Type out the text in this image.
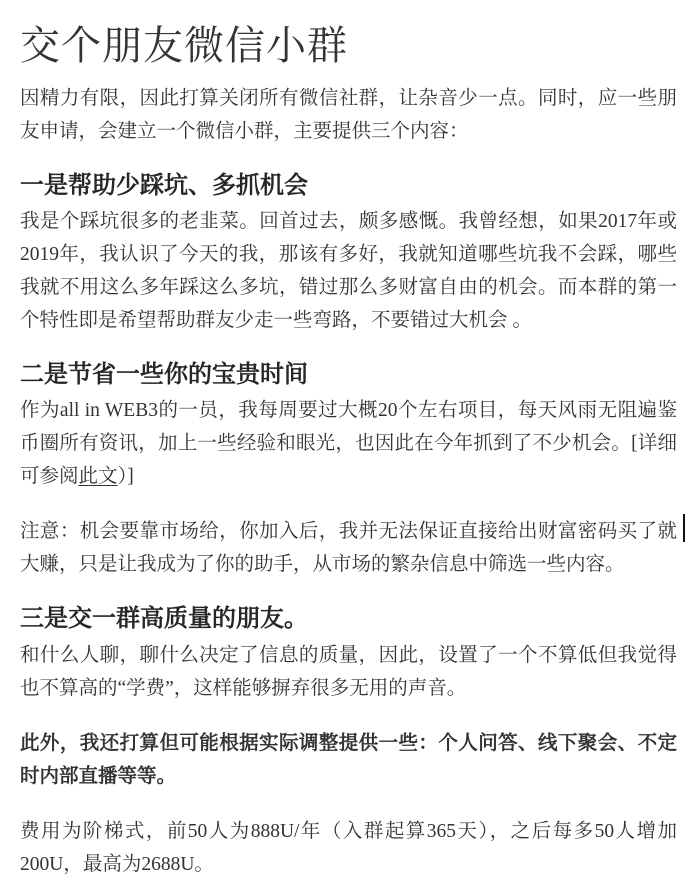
交个朋友微信小群

因精力有限，因此打算关闭所有微信社群，让杂音少一点。同时，应一些朋友申请，会建立一个微信小群，主要提供三个内容：

一是帮助少踩坑、多抓机会

我是个踩坑很多的老韭菜。回首过去，颇多感慨。我曾经想，如果2017年或2019年，我认识了今天的我，那该有多好，我就知道哪些坑我不会踩，哪些我就不用这么多年踩这么多坑，错过那么多财富自由的机会。而本群的第一个特性即是希望帮助群友少走一些弯路，不要错过大机会 。

二是节省一些你的宝贵时间

作为all in WEB3的一员，我每周要过大概20个左右项目，每天风雨无阻遍鉴币圈所有资讯，加上一些经验和眼光，也因此在今年抓到了不少机会。[详细可参阅此文）]

注意：机会要靠市场给，你加入后，我并无法保证直接给出财富密码买了就大赚，只是让我成为了你的助手，从市场的繁杂信息中筛选一些内容。

三是交一群高质量的朋友。

和什么人聊，聊什么决定了信息的质量，因此，设置了一个不算低但我觉得也不算高的“学费”，这样能够摒弃很多无用的声音。

此外，我还打算但可能根据实际调整提供一些：个人问答、线下聚会、不定时内部直播等等。

费用为阶梯式，前50人为888U/年（入群起算365天），之后每多50人增加200U，最高为2688U。
